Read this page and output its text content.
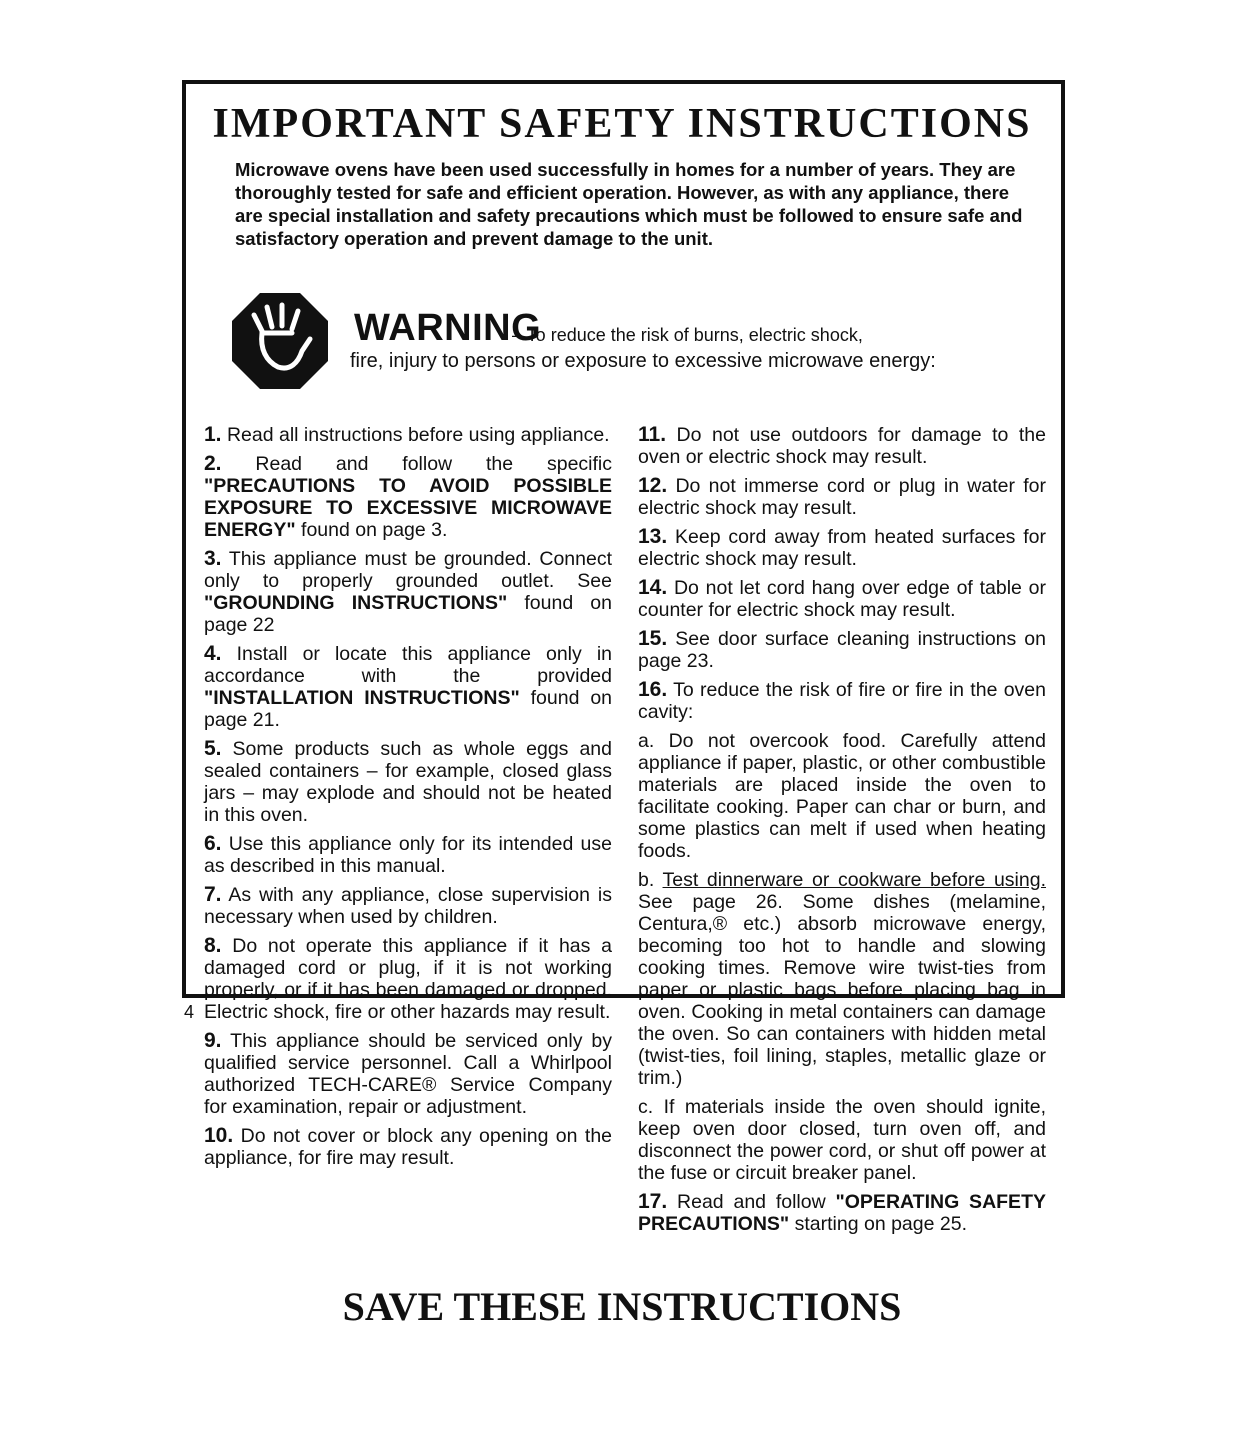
IMPORTANT SAFETY INSTRUCTIONS
Microwave ovens have been used successfully in homes for a number of years. They are thoroughly tested for safe and efficient operation. However, as with any appliance, there are special installation and safety precautions which must be followed to ensure safe and satisfactory operation and prevent damage to the unit.
WARNING
– To reduce the risk of burns, electric shock,
fire, injury to persons or exposure to excessive microwave energy:

1. Read all instructions before using appliance.

2. Read and follow the specific "PRECAUTIONS TO AVOID POSSIBLE EXPOSURE TO EXCESSIVE MICROWAVE ENERGY" found on page 3.

3. This appliance must be grounded. Connect only to properly grounded outlet. See "GROUNDING INSTRUCTIONS" found on page 22

4. Install or locate this appliance only in accordance with the provided "INSTALLATION INSTRUCTIONS" found on page 21.

5. Some products such as whole eggs and sealed containers – for example, closed glass jars – may explode and should not be heated in this oven.

6. Use this appliance only for its intended use as described in this manual.

7. As with any appliance, close supervision is necessary when used by children.

8. Do not operate this appliance if it has a damaged cord or plug, if it is not working properly, or if it has been damaged or dropped. Electric shock, fire or other hazards may result.

9. This appliance should be serviced only by qualified service personnel. Call a Whirlpool authorized TECH-CARE® Service Company for examination, repair or adjustment.

10. Do not cover or block any opening on the appliance, for fire may result.

11. Do not use outdoors for damage to the oven or electric shock may result.

12. Do not immerse cord or plug in water for electric shock may result.

13. Keep cord away from heated surfaces for electric shock may result.

14. Do not let cord hang over edge of table or counter for electric shock may result.

15. See door surface cleaning instructions on page 23.

16. To reduce the risk of fire or fire in the oven cavity:

a. Do not overcook food. Carefully attend appliance if paper, plastic, or other combustible materials are placed inside the oven to facilitate cooking. Paper can char or burn, and some plastics can melt if used when heating foods.

b. Test dinnerware or cookware before using. See page 26. Some dishes (melamine, Centura,® etc.) absorb microwave energy, becoming too hot to handle and slowing cooking times. Remove wire twist-ties from paper or plastic bags before placing bag in oven. Cooking in metal containers can damage the oven. So can containers with hidden metal (twist-ties, foil lining, staples, metallic glaze or trim.)

c. If materials inside the oven should ignite, keep oven door closed, turn oven off, and disconnect the power cord, or shut off power at the fuse or circuit breaker panel.

17. Read and follow "OPERATING SAFETY PRECAUTIONS" starting on page 25.

SAVE THESE INSTRUCTIONS
4
